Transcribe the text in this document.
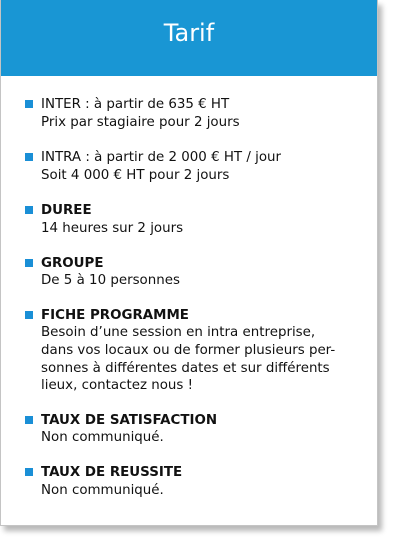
Tarif
INTER : à partir de 635 € HT
Prix par stagiaire pour 2 jours
INTRA : à partir de 2 000 € HT / jour
Soit 4 000 € HT pour 2 jours
DUREE
14 heures sur 2 jours
GROUPE
De 5 à 10 personnes
FICHE PROGRAMME
Besoin d’une session en intra entreprise,
dans vos locaux ou de former plusieurs per-
sonnes à différentes dates et sur différents
lieux, contactez nous !
TAUX DE SATISFACTION
Non communiqué.
TAUX DE REUSSITE
Non communiqué.
